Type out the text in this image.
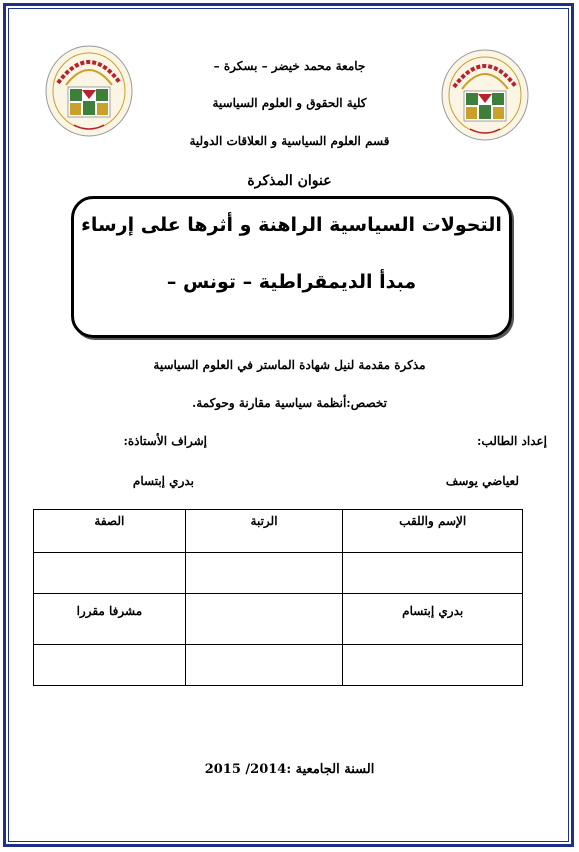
جامعة محمد خيضر – بسكرة –
كلية الحقوق و العلوم السياسية
قسم العلوم السياسية و العلاقات الدولية
عنوان المذكرة
التحولات السياسية الراهنة و أثرها على إرساء
مبدأ الديمقراطية – تونس –
مذكرة مقدمة لنيل شهادة الماستر في العلوم السياسية
تخصص:أنظمة سياسية مقارنة وحوكمة.
إعداد الطالب:
إشراف الأستاذة:
لعياضي يوسف
بدري إبتسام
الإسم واللقب	الرتبة	الصفة

بدري إبتسام		مشرفا مقررا

السنة الجامعية :2014/ 2015
